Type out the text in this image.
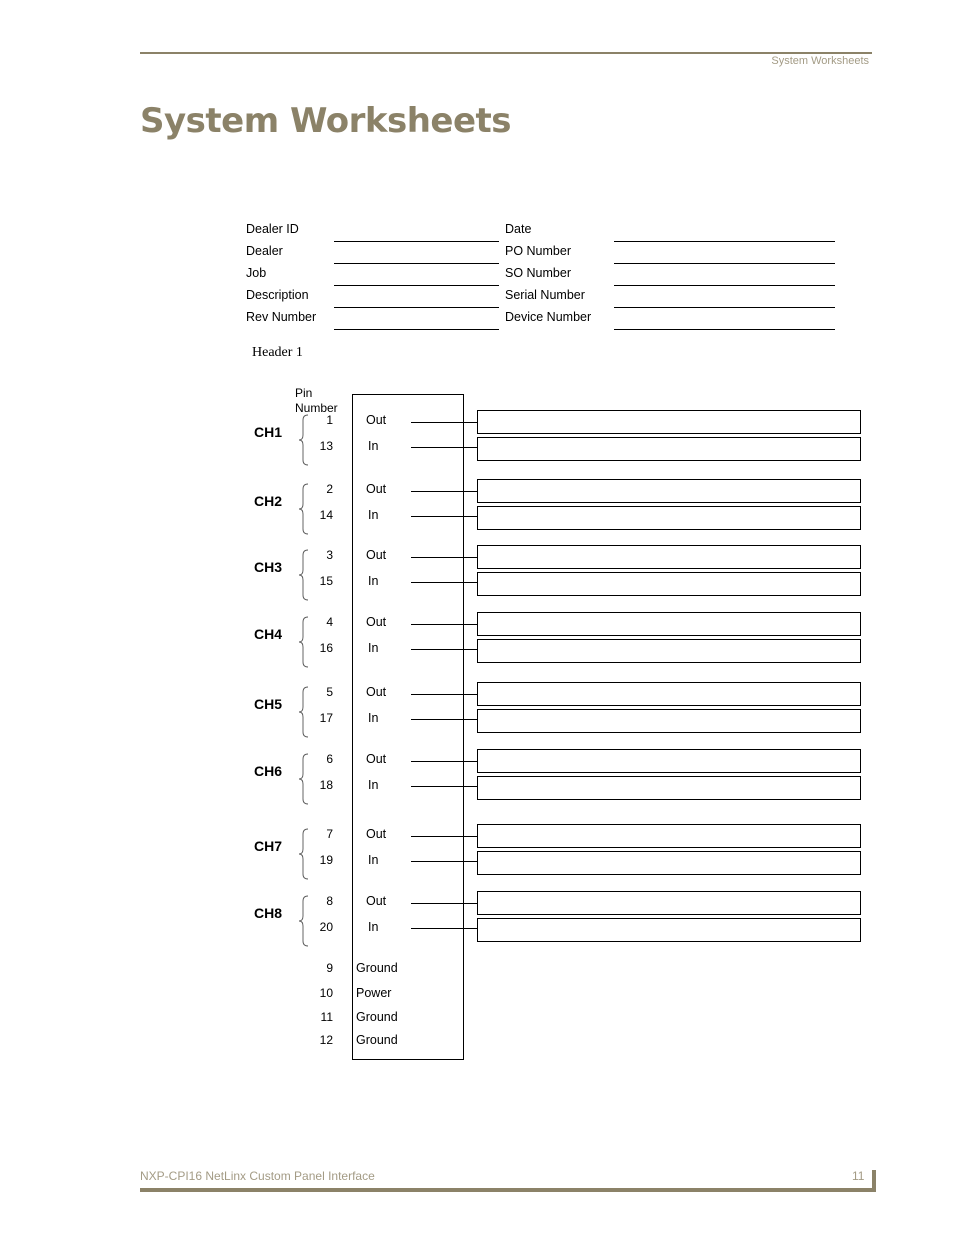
System Worksheets
System Worksheets
Dealer ID
Dealer
Job
Description
Rev Number
Date
PO Number
SO Number
Serial Number
Device Number
Header 1
Pin Number
CH1
1
13
Out
In
CH2
2
14
Out
In
CH3
3
15
Out
In
CH4
4
16
Out
In
CH5
5
17
Out
In
CH6
6
18
Out
In
CH7
7
19
Out
In
CH8
8
20
Out
In
9 Ground
10 Power
11 Ground
12 Ground
NXP-CPI16 NetLinx Custom Panel Interface	11
